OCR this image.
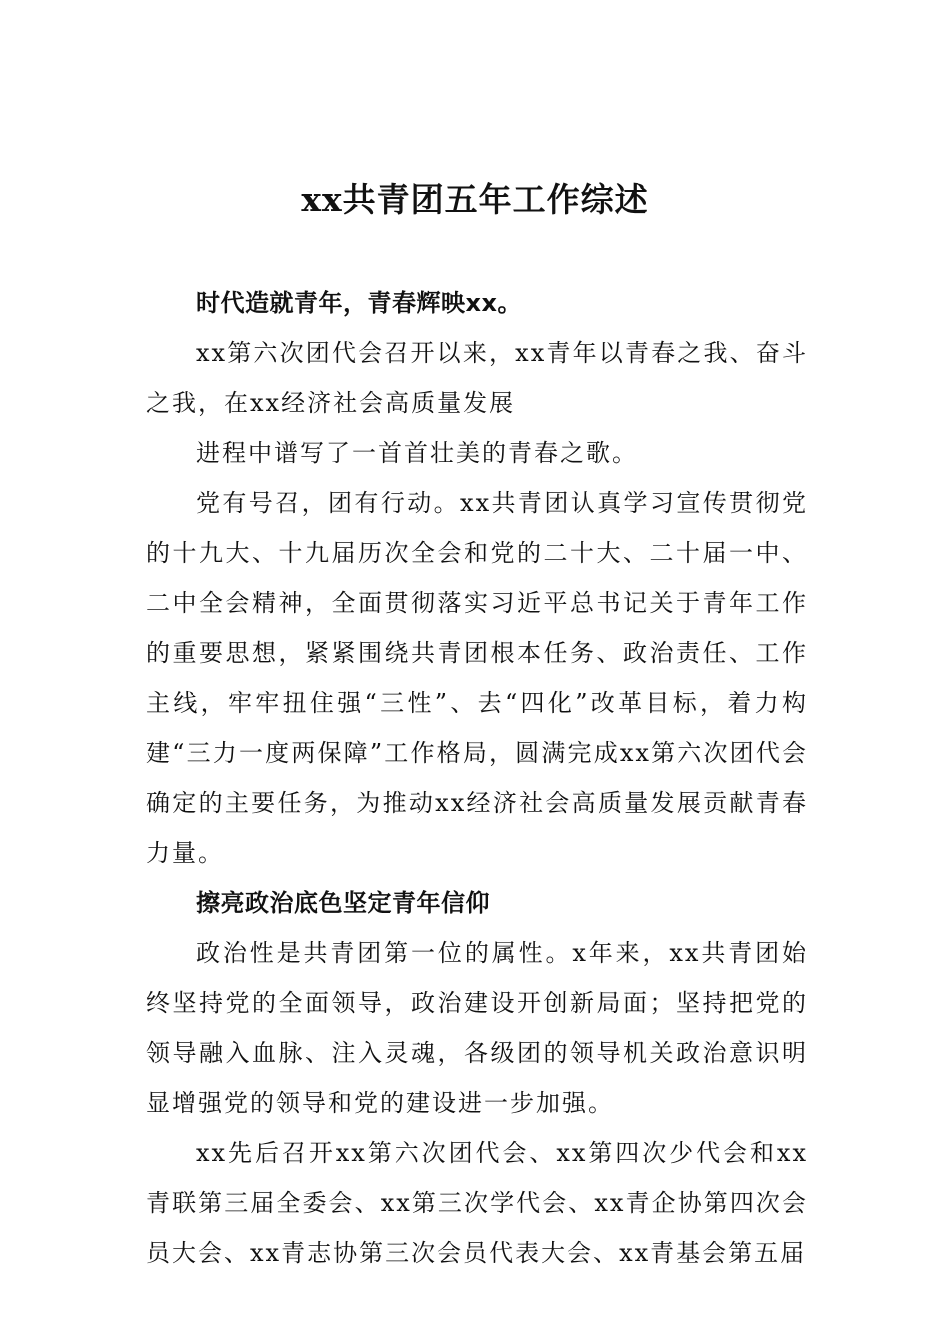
xx共青团五年工作综述

时代造就青年，青春辉映xx。

xx第六次团代会召开以来，xx青年以青春之我、奋斗之我，在xx经济社会高质量发展

进程中谱写了一首首壮美的青春之歌。

党有号召，团有行动。xx共青团认真学习宣传贯彻党的十九大、十九届历次全会和党的二十大、二十届一中、二中全会精神，全面贯彻落实习近平总书记关于青年工作的重要思想，紧紧围绕共青团根本任务、政治责任、工作主线，牢牢扭住强“三性”、去“四化”改革目标，着力构建“三力一度两保障”工作格局，圆满完成xx第六次团代会确定的主要任务，为推动xx经济社会高质量发展贡献青春力量。

擦亮政治底色坚定青年信仰

政治性是共青团第一位的属性。x年来，xx共青团始终坚持党的全面领导，政治建设开创新局面；坚持把党的领导融入血脉、注入灵魂，各级团的领导机关政治意识明显增强党的领导和党的建设进一步加强。

xx先后召开xx第六次团代会、xx第四次少代会和xx青联第三届全委会、xx第三次学代会、xx青企协第四次会员大会、xx青志协第三次会员代表大会、xx青基会第五届
